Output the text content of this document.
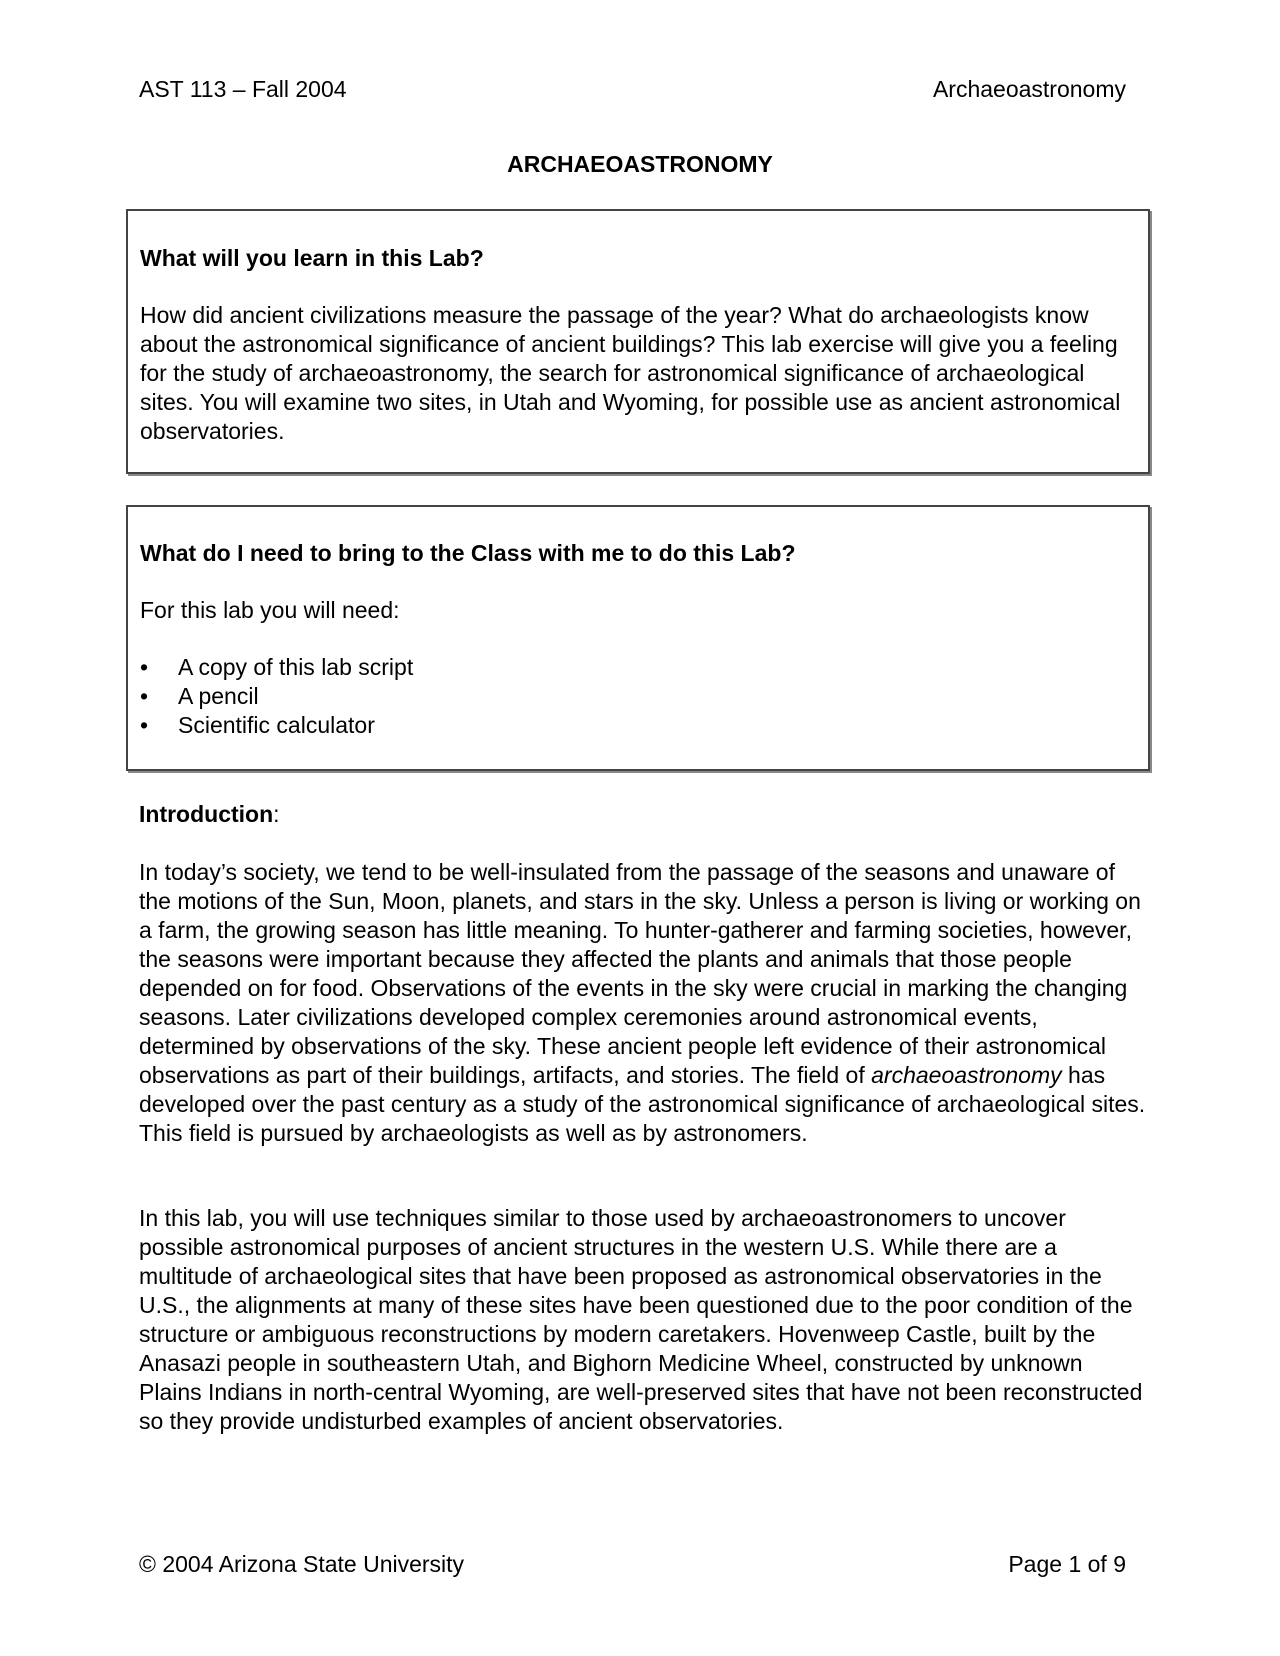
AST 113 – Fall 2004	Archaeoastronomy
ARCHAEOASTRONOMY

What will you learn in this Lab?

How did ancient civilizations measure the passage of the year? What do archaeologists know about the astronomical significance of ancient buildings? This lab exercise will give you a feeling for the study of archaeoastronomy, the search for astronomical significance of archaeological sites. You will examine two sites, in Utah and Wyoming, for possible use as ancient astronomical observatories.

What do I need to bring to the Class with me to do this Lab?

For this lab you will need:

• A copy of this lab script
• A pencil
• Scientific calculator

Introduction:

In today’s society, we tend to be well-insulated from the passage of the seasons and unaware of the motions of the Sun, Moon, planets, and stars in the sky. Unless a person is living or working on a farm, the growing season has little meaning. To hunter-gatherer and farming societies, however, the seasons were important because they affected the plants and animals that those people depended on for food. Observations of the events in the sky were crucial in marking the changing seasons. Later civilizations developed complex ceremonies around astronomical events, determined by observations of the sky. These ancient people left evidence of their astronomical observations as part of their buildings, artifacts, and stories. The field of archaeoastronomy has developed over the past century as a study of the astronomical significance of archaeological sites. This field is pursued by archaeologists as well as by astronomers.

In this lab, you will use techniques similar to those used by archaeoastronomers to uncover possible astronomical purposes of ancient structures in the western U.S. While there are a multitude of archaeological sites that have been proposed as astronomical observatories in the U.S., the alignments at many of these sites have been questioned due to the poor condition of the structure or ambiguous reconstructions by modern caretakers. Hovenweep Castle, built by the Anasazi people in southeastern Utah, and Bighorn Medicine Wheel, constructed by unknown Plains Indians in north-central Wyoming, are well-preserved sites that have not been reconstructed so they provide undisturbed examples of ancient observatories.

© 2004 Arizona State University	Page 1 of 9
